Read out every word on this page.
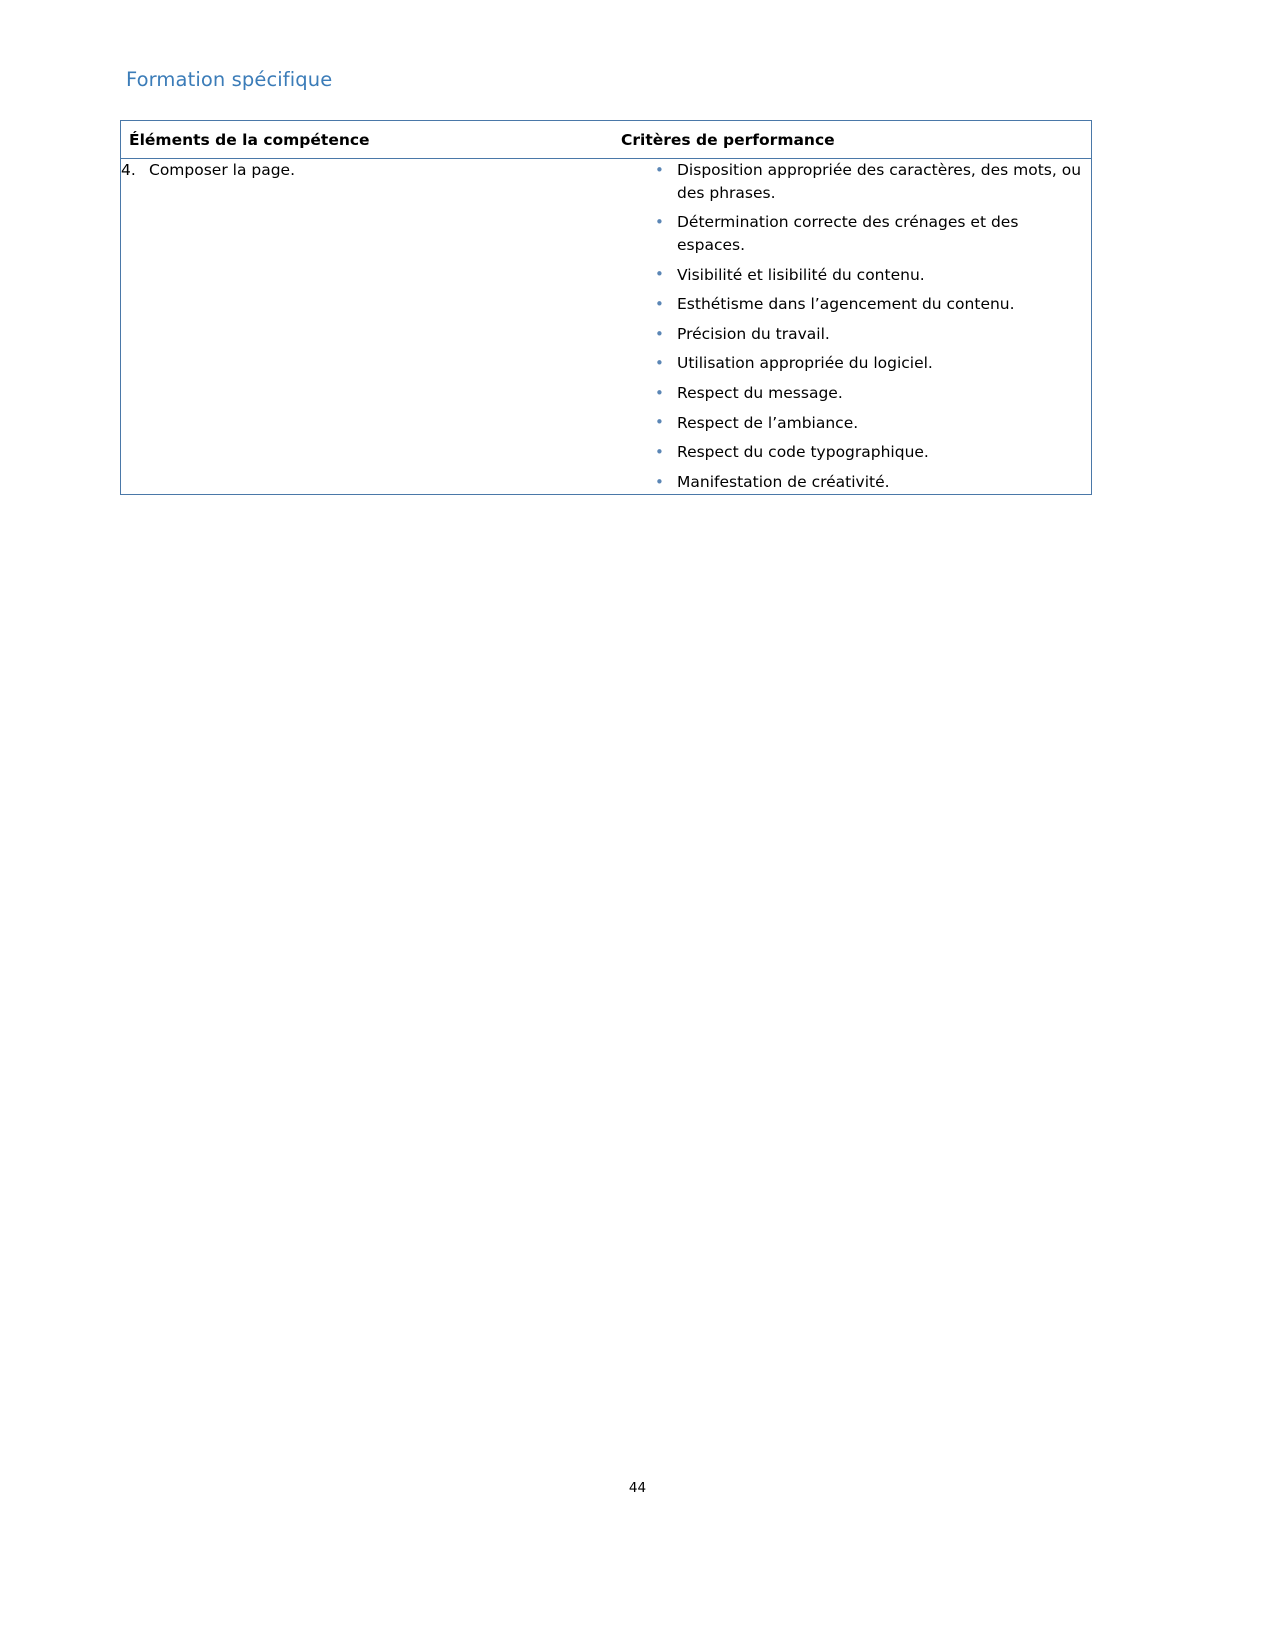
Formation spécifique
Éléments de la compétence	Critères de performance

4. Composer la page.	• Disposition appropriée des caractères, des mots, ou des phrases.
• Détermination correcte des crénages et des espaces.
• Visibilité et lisibilité du contenu.
• Esthétisme dans l’agencement du contenu.
• Précision du travail.
• Utilisation appropriée du logiciel.
• Respect du message.
• Respect de l’ambiance.
• Respect du code typographique.
• Manifestation de créativité.
44
